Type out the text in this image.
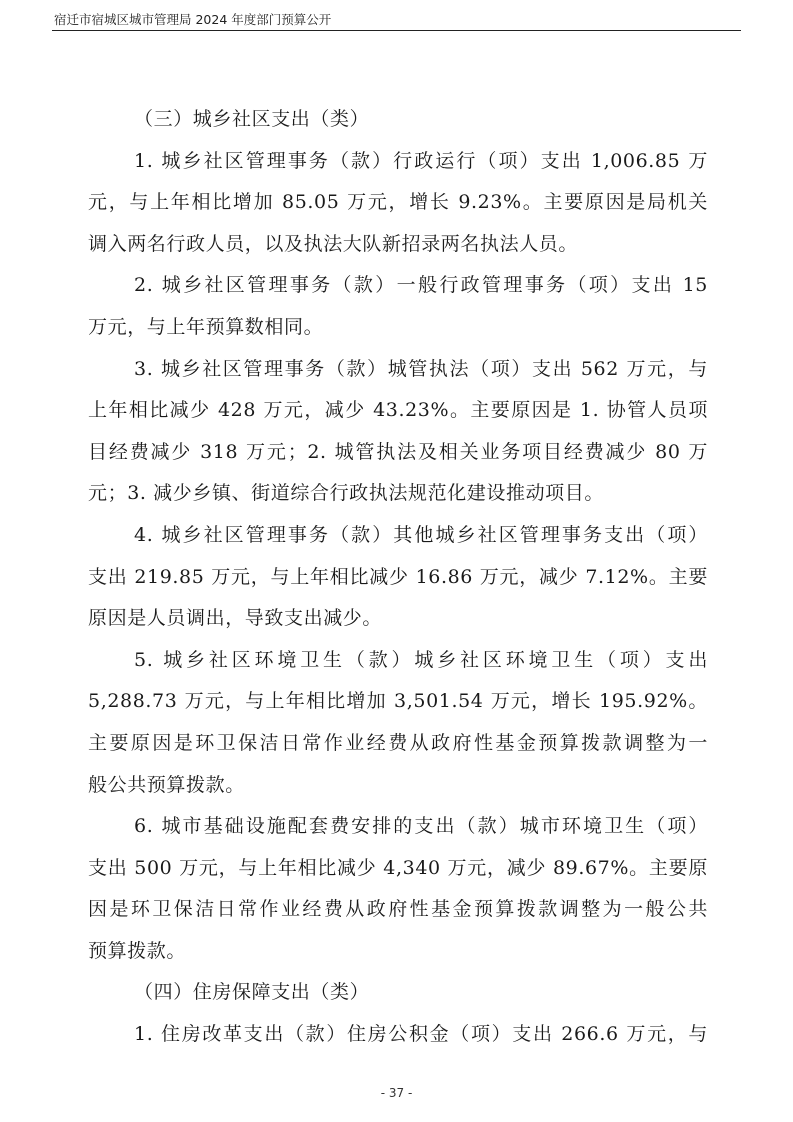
宿迁市宿城区城市管理局 2024 年度部门预算公开
（三）城乡社区支出（类）
1. 城乡社区管理事务（款）行政运行（项）支出 1,006.85 万
元，与上年相比增加 85.05 万元，增长 9.23%。主要原因是局机关
调入两名行政人员，以及执法大队新招录两名执法人员。
2. 城乡社区管理事务（款）一般行政管理事务（项）支出 15
万元，与上年预算数相同。
3. 城乡社区管理事务（款）城管执法（项）支出 562 万元，与
上年相比减少 428 万元，减少 43.23%。主要原因是 1. 协管人员项
目经费减少 318 万元；2. 城管执法及相关业务项目经费减少 80 万
元；3. 减少乡镇、街道综合行政执法规范化建设推动项目。
4. 城乡社区管理事务（款）其他城乡社区管理事务支出（项）
支出 219.85 万元，与上年相比减少 16.86 万元，减少 7.12%。主要
原因是人员调出，导致支出减少。
5. 城乡社区环境卫生（款）城乡社区环境卫生（项）支出
5,288.73 万元，与上年相比增加 3,501.54 万元，增长 195.92%。
主要原因是环卫保洁日常作业经费从政府性基金预算拨款调整为一
般公共预算拨款。
6. 城市基础设施配套费安排的支出（款）城市环境卫生（项）
支出 500 万元，与上年相比减少 4,340 万元，减少 89.67%。主要原
因是环卫保洁日常作业经费从政府性基金预算拨款调整为一般公共
预算拨款。
（四）住房保障支出（类）
1. 住房改革支出（款）住房公积金（项）支出 266.6 万元，与
- 37 -
